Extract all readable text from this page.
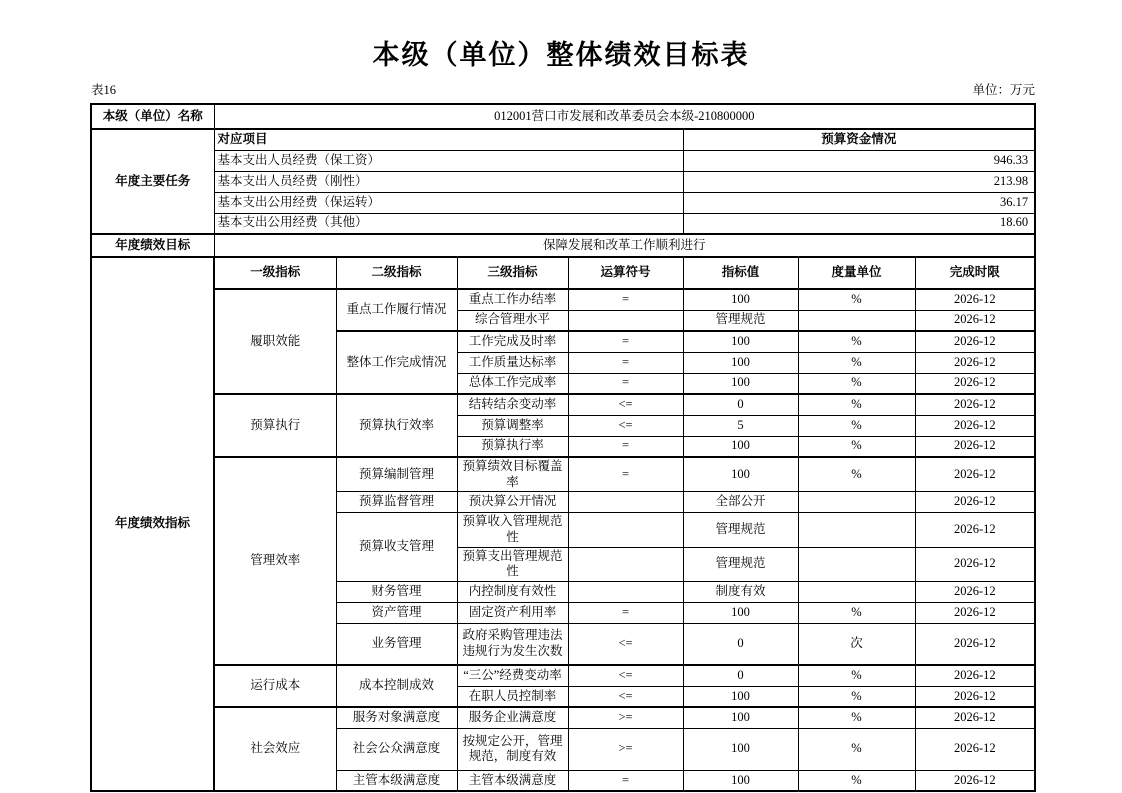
本级（单位）整体绩效目标表
表16	单位：万元
本级（单位）名称	012001营口市发展和改革委员会本级-210800000						
年度主要任务	对应项目				预算资金情况		
	基本支出人员经费（保工资）				946.33		
	基本支出人员经费（刚性）				213.98		
	基本支出公用经费（保运转）				36.17		
	基本支出公用经费（其他）				18.60		
年度绩效目标	保障发展和改革工作顺利进行						
年度绩效指标	一级指标	二级指标	三级指标	运算符号	指标值	度量单位	完成时限
	履职效能	重点工作履行情况	重点工作办结率	=	100	%	2026-12
			综合管理水平		管理规范		2026-12
		整体工作完成情况	工作完成及时率	=	100	%	2026-12
			工作质量达标率	=	100	%	2026-12
			总体工作完成率	=	100	%	2026-12
	预算执行	预算执行效率	结转结余变动率	<=	0	%	2026-12
			预算调整率	<=	5	%	2026-12
			预算执行率	=	100	%	2026-12
	管理效率	预算编制管理	预算绩效目标覆盖率	=	100	%	2026-12
		预算监督管理	预决算公开情况		全部公开		2026-12
		预算收支管理	预算收入管理规范性		管理规范		2026-12
			预算支出管理规范性		管理规范		2026-12
		财务管理	内控制度有效性		制度有效		2026-12
		资产管理	固定资产利用率	=	100	%	2026-12
		业务管理	政府采购管理违法违规行为发生次数	<=	0	次	2026-12
	运行成本	成本控制成效	“三公”经费变动率	<=	0	%	2026-12
			在职人员控制率	<=	100	%	2026-12
	社会效应	服务对象满意度	服务企业满意度	>=	100	%	2026-12
		社会公众满意度	按规定公开，管理规范，制度有效	>=	100	%	2026-12
		主管本级满意度	主管本级满意度	=	100	%	2026-12
